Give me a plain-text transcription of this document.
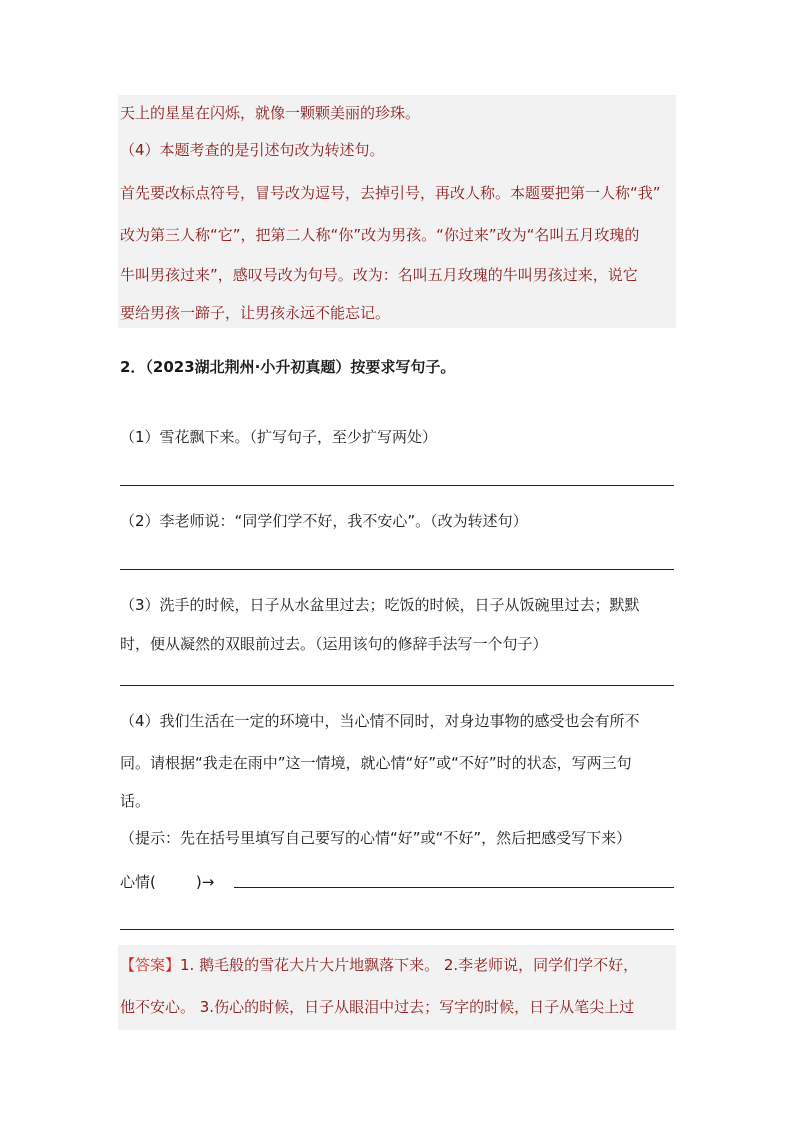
天上的星星在闪烁，就像一颗颗美丽的珍珠。
（4）本题考查的是引述句改为转述句。
首先要改标点符号，冒号改为逗号，去掉引号，再改人称。本题要把第一人称“我”
改为第三人称“它”，把第二人称“你”改为男孩。“你过来”改为“名叫五月玫瑰的
牛叫男孩过来”，感叹号改为句号。改为：名叫五月玫瑰的牛叫男孩过来，说它
要给男孩一蹄子，让男孩永远不能忘记。
2．（2023湖北荆州·小升初真题）按要求写句子。
（1）雪花飘下来。（扩写句子，至少扩写两处）
（2）李老师说：“同学们学不好，我不安心”。（改为转述句）
（3）洗手的时候，日子从水盆里过去；吃饭的时候，日子从饭碗里过去；默默
时，便从凝然的双眼前过去。（运用该句的修辞手法写一个句子）
（4）我们生活在一定的环境中，当心情不同时，对身边事物的感受也会有所不
同。请根据“我走在雨中”这一情境，就心情“好”或“不好”时的状态，写两三句
话。
（提示：先在括号里填写自己要写的心情“好”或“不好”，然后把感受写下来）
心情(	)→
【答案】1. 鹅毛般的雪花大片大片地飘落下来。 2.李老师说，同学们学不好，
他不安心。 3.伤心的时候，日子从眼泪中过去；写字的时候，日子从笔尖上过
